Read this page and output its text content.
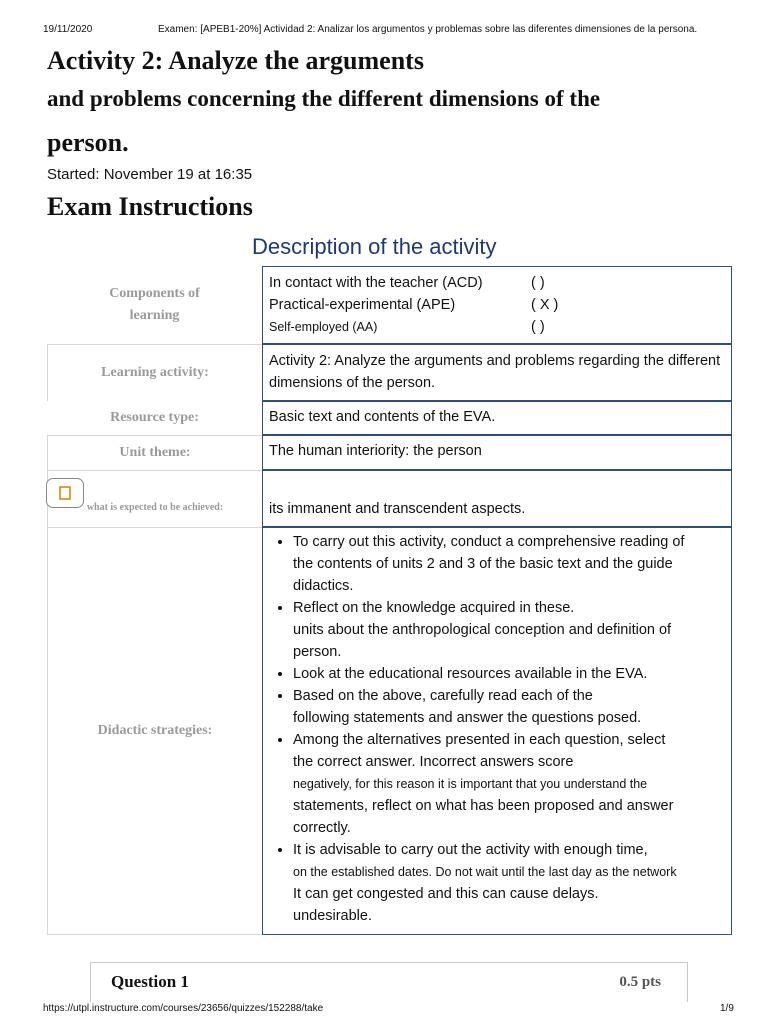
19/11/2020	Examen: [APEB1-20%] Actividad 2: Analizar los argumentos y problemas sobre las diferentes dimensiones de la persona.
Activity 2: Analyze the arguments
and problems concerning the different dimensions of the
person.
Started: November 19 at 16:35
Exam Instructions
Description of the activity
Components of learning
In contact with the teacher (ACD)	( )
Practical-experimental (APE)	( X )
Self-employed (AA)	( )
Learning activity:
Activity 2: Analyze the arguments and problems regarding the different dimensions of the person.
Resource type:	Basic text and contents of the EVA.
Unit theme:	The human interiority: the person
what is expected to be achieved:	its immanent and transcendent aspects.
Didactic strategies:
• To carry out this activity, conduct a comprehensive reading of
the contents of units 2 and 3 of the basic text and the guide
didactics.
• Reflect on the knowledge acquired in these.
units about the anthropological conception and definition of
person.
• Look at the educational resources available in the EVA.
• Based on the above, carefully read each of the
following statements and answer the questions posed.
• Among the alternatives presented in each question, select
the correct answer. Incorrect answers score
negatively, for this reason it is important that you understand the
statements, reflect on what has been proposed and answer
correctly.
• It is advisable to carry out the activity with enough time,
on the established dates. Do not wait until the last day as the network
It can get congested and this can cause delays.
undesirable.
Question 1	0.5 pts
https://utpl.instructure.com/courses/23656/quizzes/152288/take	1/9
